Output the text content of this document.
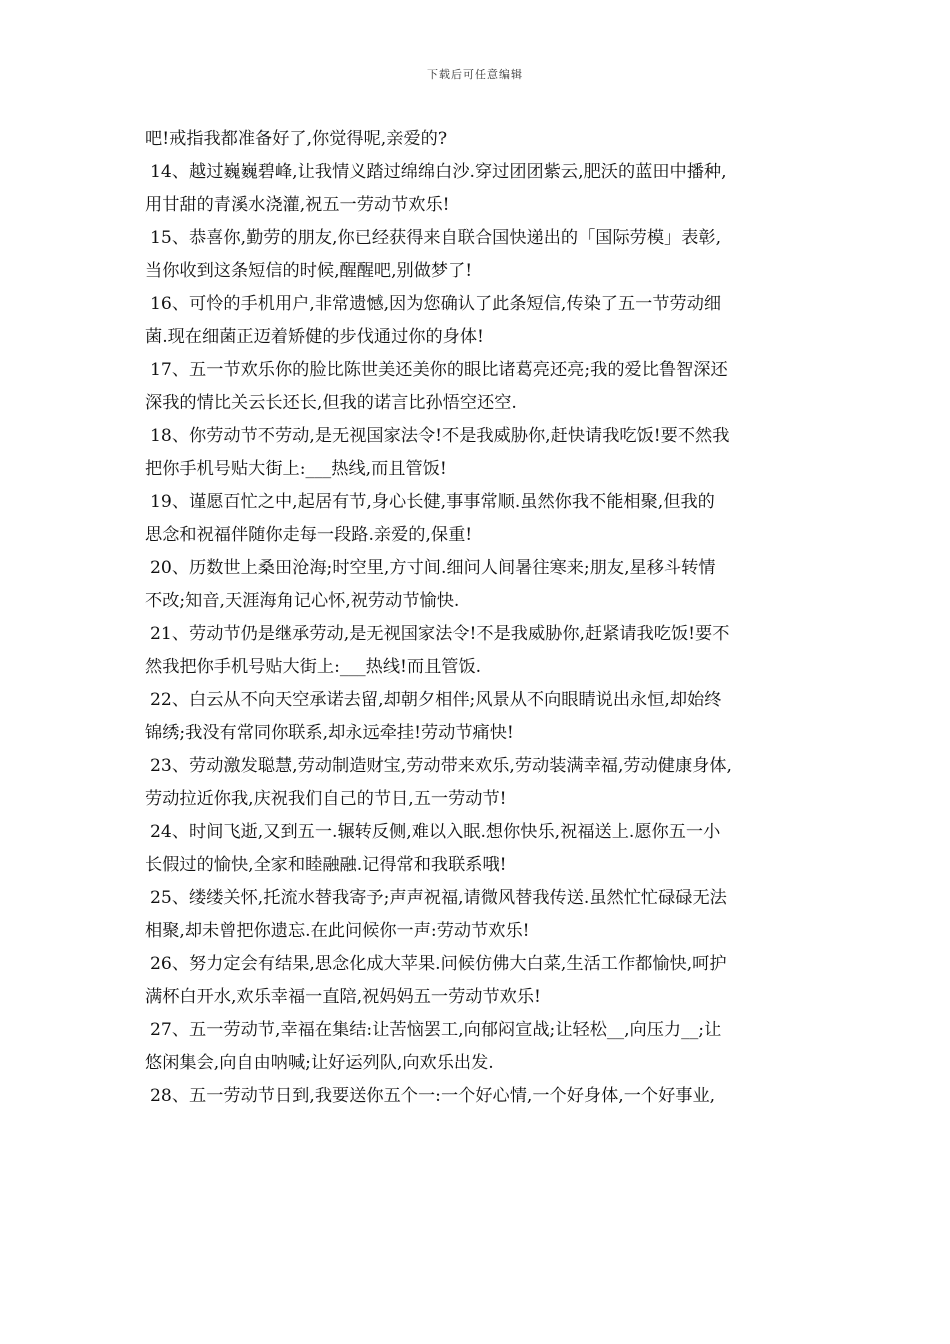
下载后可任意编辑
吧!戒指我都准备好了,你觉得呢,亲爱的?
14、越过巍巍碧峰,让我情义踏过绵绵白沙.穿过团团紫云,肥沃的蓝田中播种,
用甘甜的青溪水浇灌,祝五一劳动节欢乐!
15、恭喜你,勤劳的朋友,你已经获得来自联合国快递出的「国际劳模」表彰,
当你收到这条短信的时候,醒醒吧,别做梦了!
16、可怜的手机用户,非常遗憾,因为您确认了此条短信,传染了五一节劳动细
菌.现在细菌正迈着矫健的步伐通过你的身体!
17、五一节欢乐你的脸比陈世美还美你的眼比诸葛亮还亮;我的爱比鲁智深还
深我的情比关云长还长,但我的诺言比孙悟空还空.
18、你劳动节不劳动,是无视国家法令!不是我威胁你,赶快请我吃饭!要不然我
把你手机号贴大街上:___热线,而且管饭!
19、谨愿百忙之中,起居有节,身心长健,事事常顺.虽然你我不能相聚,但我的
思念和祝福伴随你走每一段路.亲爱的,保重!
20、历数世上桑田沧海;时空里,方寸间.细问人间暑往寒来;朋友,星移斗转情
不改;知音,天涯海角记心怀,祝劳动节愉快.
21、劳动节仍是继承劳动,是无视国家法令!不是我威胁你,赶紧请我吃饭!要不
然我把你手机号贴大街上:___热线!而且管饭.
22、白云从不向天空承诺去留,却朝夕相伴;风景从不向眼睛说出永恒,却始终
锦绣;我没有常同你联系,却永远牵挂!劳动节痛快!
23、劳动激发聪慧,劳动制造财宝,劳动带来欢乐,劳动装满幸福,劳动健康身体,
劳动拉近你我,庆祝我们自己的节日,五一劳动节!
24、时间飞逝,又到五一.辗转反侧,难以入眠.想你快乐,祝福送上.愿你五一小
长假过的愉快,全家和睦融融.记得常和我联系哦!
25、缕缕关怀,托流水替我寄予;声声祝福,请微风替我传送.虽然忙忙碌碌无法
相聚,却未曾把你遗忘.在此问候你一声:劳动节欢乐!
26、努力定会有结果,思念化成大苹果.问候仿佛大白菜,生活工作都愉快,呵护
满杯白开水,欢乐幸福一直陪,祝妈妈五一劳动节欢乐!
27、五一劳动节,幸福在集结:让苦恼罢工,向郁闷宣战;让轻松__,向压力__;让
悠闲集会,向自由呐喊;让好运列队,向欢乐出发.
28、五一劳动节日到,我要送你五个一:一个好心情,一个好身体,一个好事业,
